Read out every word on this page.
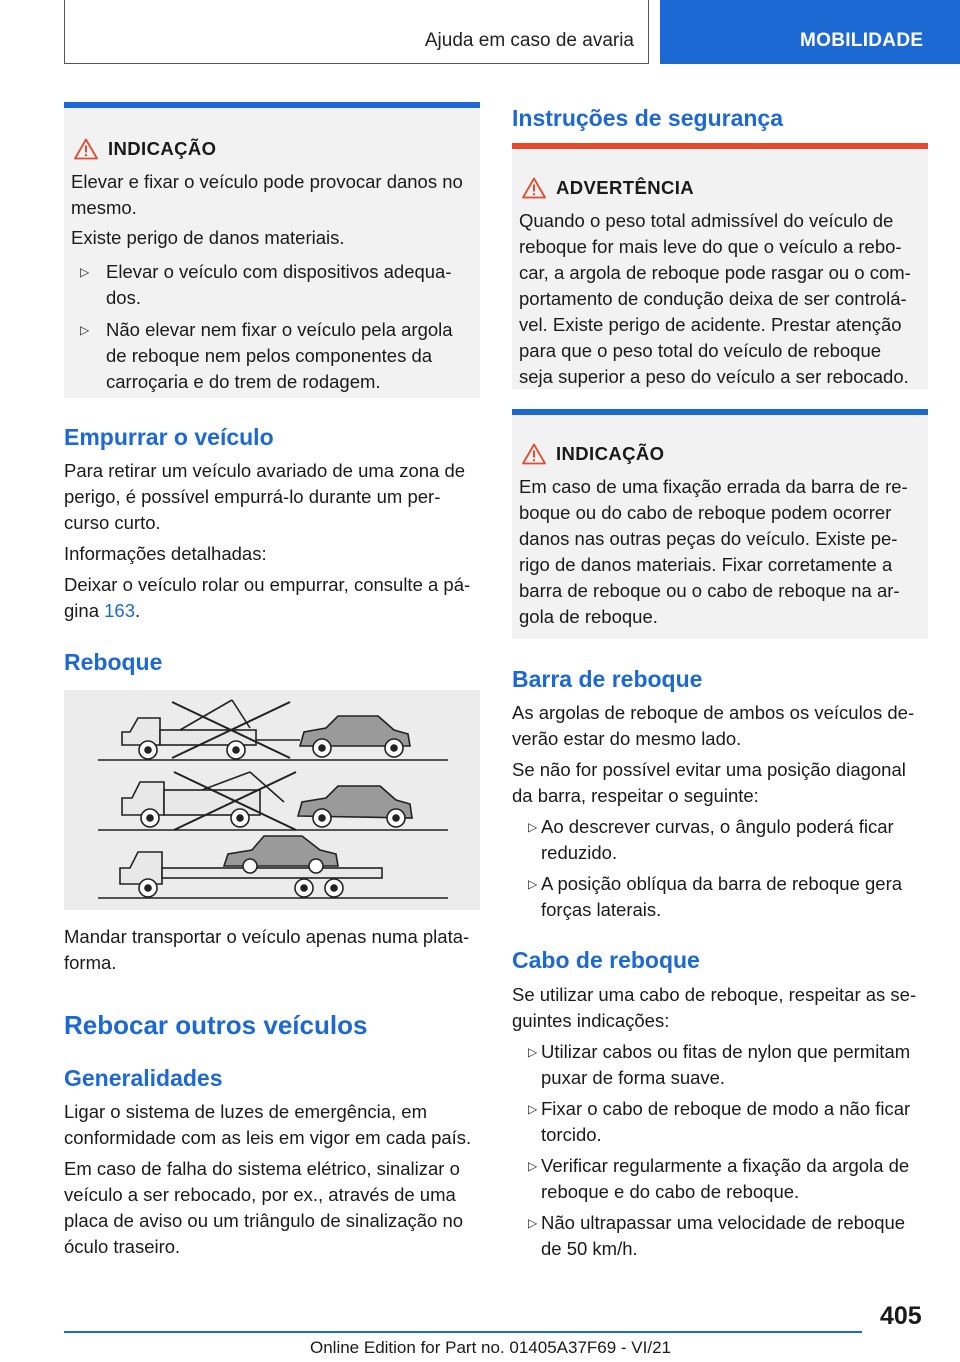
Ajuda em caso de avaria	MOBILIDADE
INDICAÇÃO
Elevar e fixar o veículo pode provocar danos no
mesmo.
Existe perigo de danos materiais.
▷ Elevar o veículo com dispositivos adequa-
dos.
▷ Não elevar nem fixar o veículo pela argola
de reboque nem pelos componentes da
carroçaria e do trem de rodagem.
Empurrar o veículo
Para retirar um veículo avariado de uma zona de
perigo, é possível empurrá-lo durante um per-
curso curto.
Informações detalhadas:
Deixar o veículo rolar ou empurrar, consulte a pá-
gina 163.
Reboque
Mandar transportar o veículo apenas numa plata-
forma.
Rebocar outros veículos
Generalidades
Ligar o sistema de luzes de emergência, em
conformidade com as leis em vigor em cada país.
Em caso de falha do sistema elétrico, sinalizar o
veículo a ser rebocado, por ex., através de uma
placa de aviso ou um triângulo de sinalização no
óculo traseiro.
Instruções de segurança
ADVERTÊNCIA
Quando o peso total admissível do veículo de
reboque for mais leve do que o veículo a rebo-
car, a argola de reboque pode rasgar ou o com-
portamento de condução deixa de ser controlá-
vel. Existe perigo de acidente. Prestar atenção
para que o peso total do veículo de reboque
seja superior a peso do veículo a ser rebocado.
INDICAÇÃO
Em caso de uma fixação errada da barra de re-
boque ou do cabo de reboque podem ocorrer
danos nas outras peças do veículo. Existe pe-
rigo de danos materiais. Fixar corretamente a
barra de reboque ou o cabo de reboque na ar-
gola de reboque.
Barra de reboque
As argolas de reboque de ambos os veículos de-
verão estar do mesmo lado.
Se não for possível evitar uma posição diagonal
da barra, respeitar o seguinte:
▷ Ao descrever curvas, o ângulo poderá ficar
reduzido.
▷ A posição oblíqua da barra de reboque gera
forças laterais.
Cabo de reboque
Se utilizar uma cabo de reboque, respeitar as se-
guintes indicações:
▷ Utilizar cabos ou fitas de nylon que permitam
puxar de forma suave.
▷ Fixar o cabo de reboque de modo a não ficar
torcido.
▷ Verificar regularmente a fixação da argola de
reboque e do cabo de reboque.
▷ Não ultrapassar uma velocidade de reboque
de 50 km/h.
405
Online Edition for Part no. 01405A37F69 - VI/21
